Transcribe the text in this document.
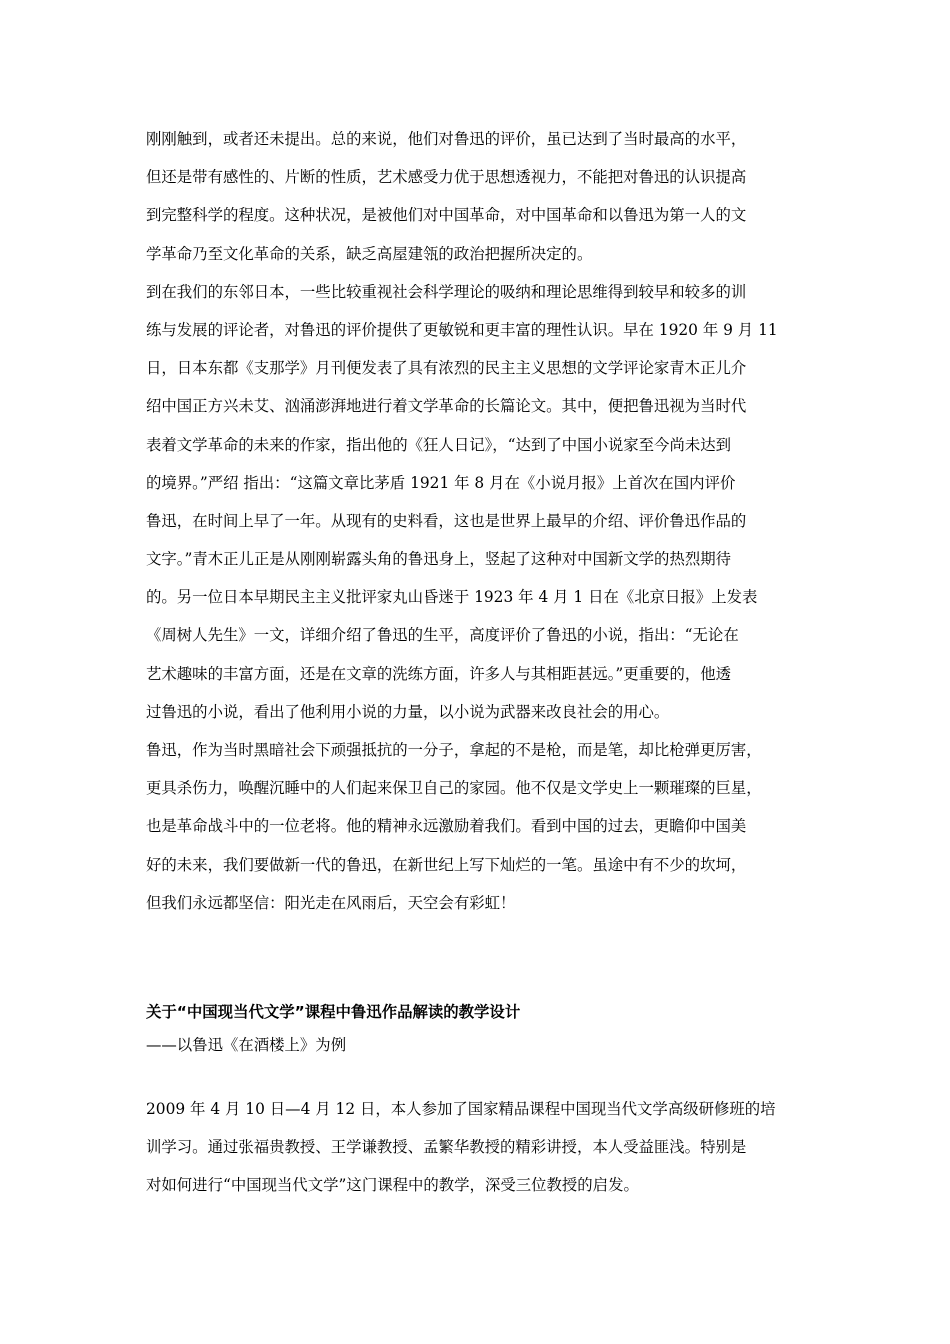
刚刚触到，或者还未提出。总的来说，他们对鲁迅的评价，虽已达到了当时最高的水平，
但还是带有感性的、片断的性质，艺术感受力优于思想透视力，不能把对鲁迅的认识提高
到完整科学的程度。这种状况，是被他们对中国革命，对中国革命和以鲁迅为第一人的文
学革命乃至文化革命的关系，缺乏高屋建瓴的政治把握所决定的。
到在我们的东邻日本，一些比较重视社会科学理论的吸纳和理论思维得到较早和较多的训
练与发展的评论者，对鲁迅的评价提供了更敏锐和更丰富的理性认识。早在 1920 年 9 月 11
日，日本东都《支那学》月刊便发表了具有浓烈的民主主义思想的文学评论家青木正儿介
绍中国正方兴未艾、汹涌澎湃地进行着文学革命的长篇论文。其中，便把鲁迅视为当时代
表着文学革命的未来的作家，指出他的《狂人日记》，“达到了中国小说家至今尚未达到
的境界。”严绍 指出：“这篇文章比茅盾 1921 年 8 月在《小说月报》上首次在国内评价
鲁迅，在时间上早了一年。从现有的史料看，这也是世界上最早的介绍、评价鲁迅作品的
文字。”青木正儿正是从刚刚崭露头角的鲁迅身上，竖起了这种对中国新文学的热烈期待
的。另一位日本早期民主主义批评家丸山昏迷于 1923 年 4 月 1 日在《北京日报》上发表
《周树人先生》一文，详细介绍了鲁迅的生平，高度评价了鲁迅的小说，指出：“无论在
艺术趣味的丰富方面，还是在文章的洗练方面，许多人与其相距甚远。”更重要的，他透
过鲁迅的小说，看出了他利用小说的力量，以小说为武器来改良社会的用心。
鲁迅，作为当时黑暗社会下顽强抵抗的一分子，拿起的不是枪，而是笔，却比枪弹更厉害，
更具杀伤力，唤醒沉睡中的人们起来保卫自己的家园。他不仅是文学史上一颗璀璨的巨星，
也是革命战斗中的一位老将。他的精神永远激励着我们。看到中国的过去，更瞻仰中国美
好的未来，我们要做新一代的鲁迅，在新世纪上写下灿烂的一笔。虽途中有不少的坎坷，
但我们永远都坚信：阳光走在风雨后，天空会有彩虹！
关于“中国现当代文学”课程中鲁迅作品解读的教学设计
——以鲁迅《在酒楼上》为例
2009 年 4 月 10 日—4 月 12 日，本人参加了国家精品课程中国现当代文学高级研修班的培
训学习。通过张福贵教授、王学谦教授、孟繁华教授的精彩讲授，本人受益匪浅。特别是
对如何进行“中国现当代文学”这门课程中的教学，深受三位教授的启发。
